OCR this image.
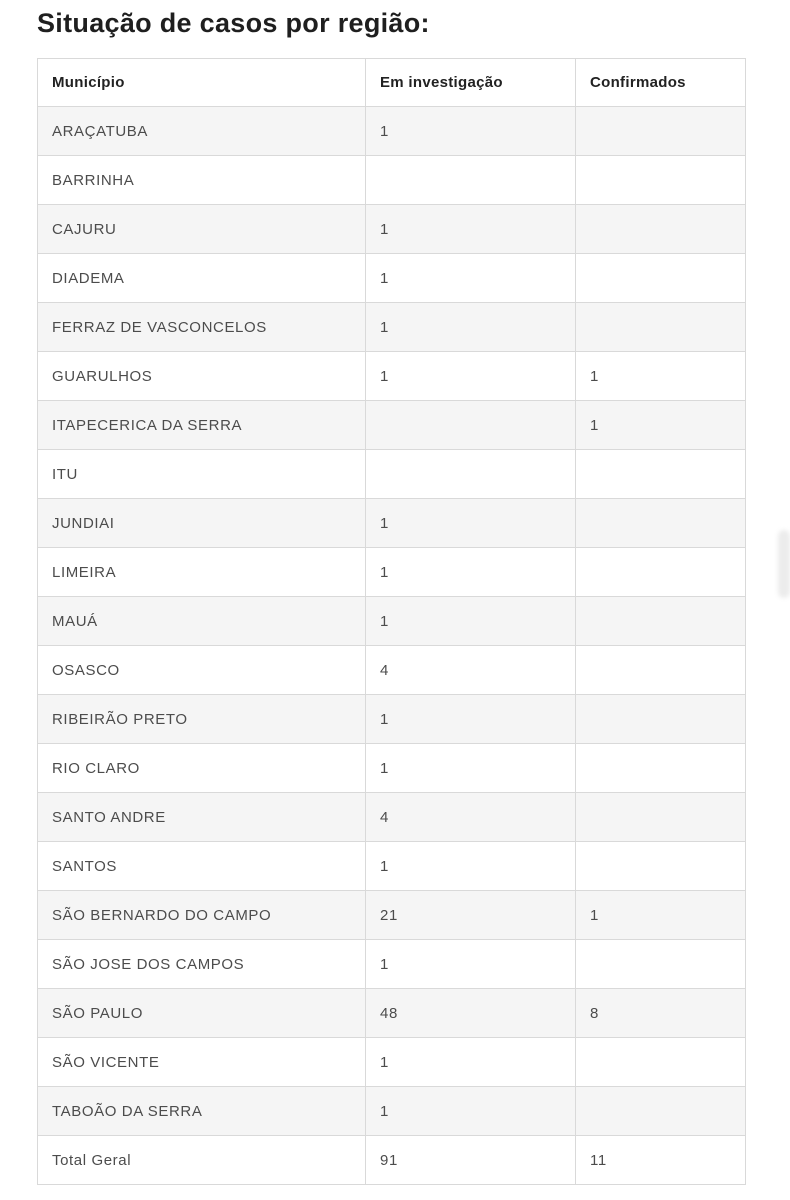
Situação de casos por região:
Município	Em investigação	Confirmados
ARAÇATUBA	1	
BARRINHA		
CAJURU	1	
DIADEMA	1	
FERRAZ DE VASCONCELOS	1	
GUARULHOS	1	1
ITAPECERICA DA SERRA		1
ITU		
JUNDIAI	1	
LIMEIRA	1	
MAUÁ	1	
OSASCO	4	
RIBEIRÃO PRETO	1	
RIO CLARO	1	
SANTO ANDRE	4	
SANTOS	1	
SÃO BERNARDO DO CAMPO	21	1
SÃO JOSE DOS CAMPOS	1	
SÃO PAULO	48	8
SÃO VICENTE	1	
TABOÃO DA SERRA	1	
Total Geral	91	11
